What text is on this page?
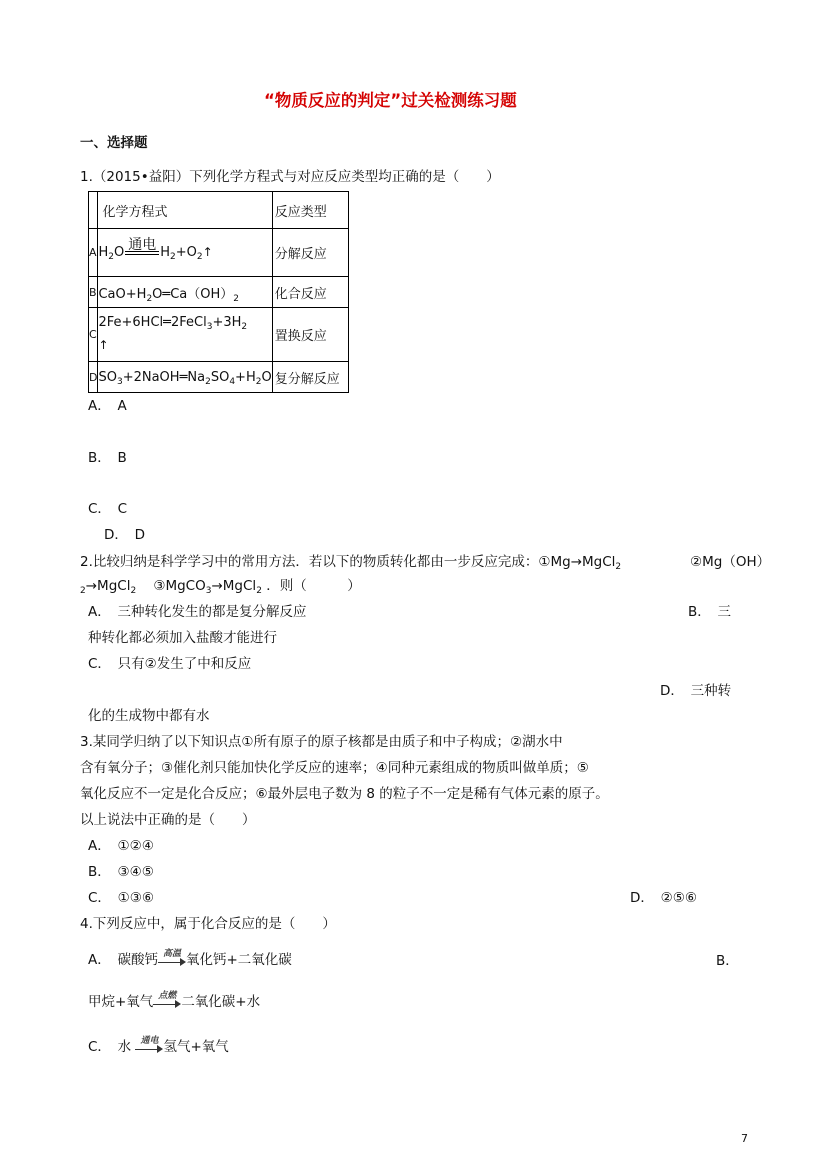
“物质反应的判定”过关检测练习题
一、选择题
1.（2015•益阳）下列化学方程式与对应反应类型均正确的是（　　）
	化学方程式	反应类型
A	$H_2O$ 通电 $H_2+O_2↑$	分解反应
B	$CaO+H_2O═Ca(OH)_2$	化合反应
C	$2Fe+6HCl═2FeCl_3+3H_2$
↑	置换反应
D	$SO_3+2NaOH═Na_2SO_4+H_2O$	复分解反应
A．　A
B．　B
C．　C
D．　D
2.比较归纳是科学学习中的常用方法．若以下的物质转化都由一步反应完成：①Mg→MgCl$_2$	②Mg（OH）
$_2$→MgCl$_2$ ③MgCO$_3$→MgCl$_2$ ．则（　　　）
A．　三种转化发生的都是复分解反应	B．　三
种转化都必须加入盐酸才能进行
C．　只有②发生了中和反应
D．　三种转
化的生成物中都有水
3.某同学归纳了以下知识点①所有原子的原子核都是由质子和中子构成；②湖水中
含有氧分子；③催化剂只能加快化学反应的速率；④同种元素组成的物质叫做单质；⑤
氧化反应不一定是化合反应；⑥最外层电子数为 8 的粒子不一定是稀有气体元素的原子。
以上说法中正确的是（　　）
A．　①②④
B．　③④⑤
C．　①③⑥	D．　②⑤⑥
4.下列反应中，属于化合反应的是（　　）
A．　碳酸钙 高温 氧化钙+二氧化碳	B．
甲烷+氧气 点燃 二氧化碳+水
C．　水	通电 氢气+氧气
7
